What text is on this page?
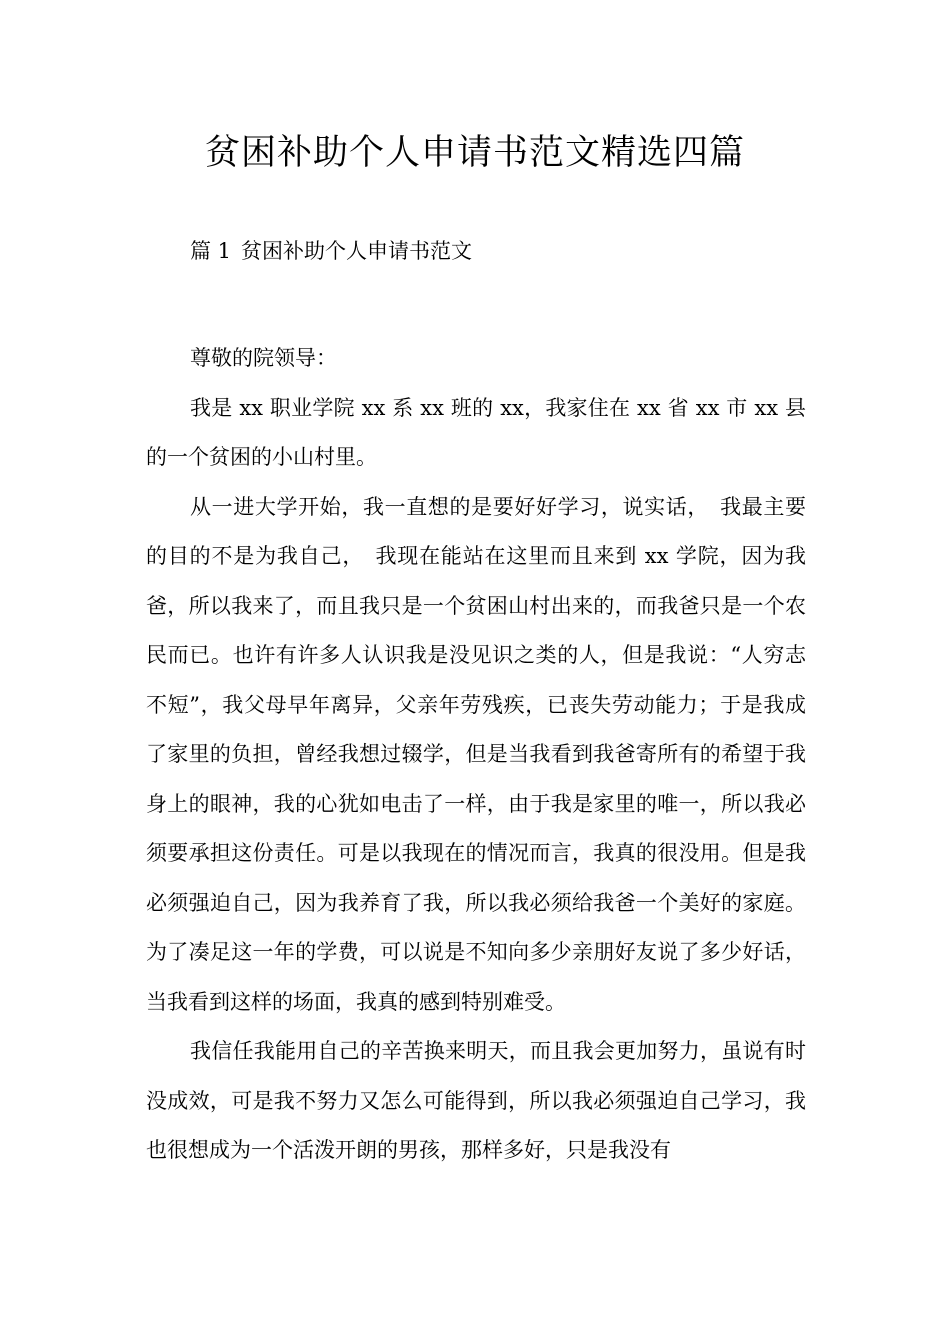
贫困补助个人申请书范文精选四篇
篇 1 贫困补助个人申请书范文

尊敬的院领导：

我是 xx 职业学院 xx 系 xx 班的 xx，我家住在 xx 省 xx 市 xx 县的一个贫困的小山村里。

从一进大学开始，我一直想的是要好好学习，说实话，　我最主要的目的不是为我自己，　我现在能站在这里而且来到 xx 学院，因为我爸，所以我来了，而且我只是一个贫困山村出来的，而我爸只是一个农民而已。也许有许多人认识我是没见识之类的人，但是我说：“人穷志不短”，我父母早年离异，父亲年劳残疾，已丧失劳动能力；于是我成了家里的负担，曾经我想过辍学，但是当我看到我爸寄所有的希望于我身上的眼神，我的心犹如电击了一样，由于我是家里的唯一，所以我必须要承担这份责任。可是以我现在的情况而言，我真的很没用。但是我必须强迫自己，因为我养育了我，所以我必须给我爸一个美好的家庭。为了凑足这一年的学费，可以说是不知向多少亲朋好友说了多少好话，当我看到这样的场面，我真的感到特别难受。

我信任我能用自己的辛苦换来明天，而且我会更加努力，虽说有时没成效，可是我不努力又怎么可能得到，所以我必须强迫自己学习，我也很想成为一个活泼开朗的男孩，那样多好，只是我没有
